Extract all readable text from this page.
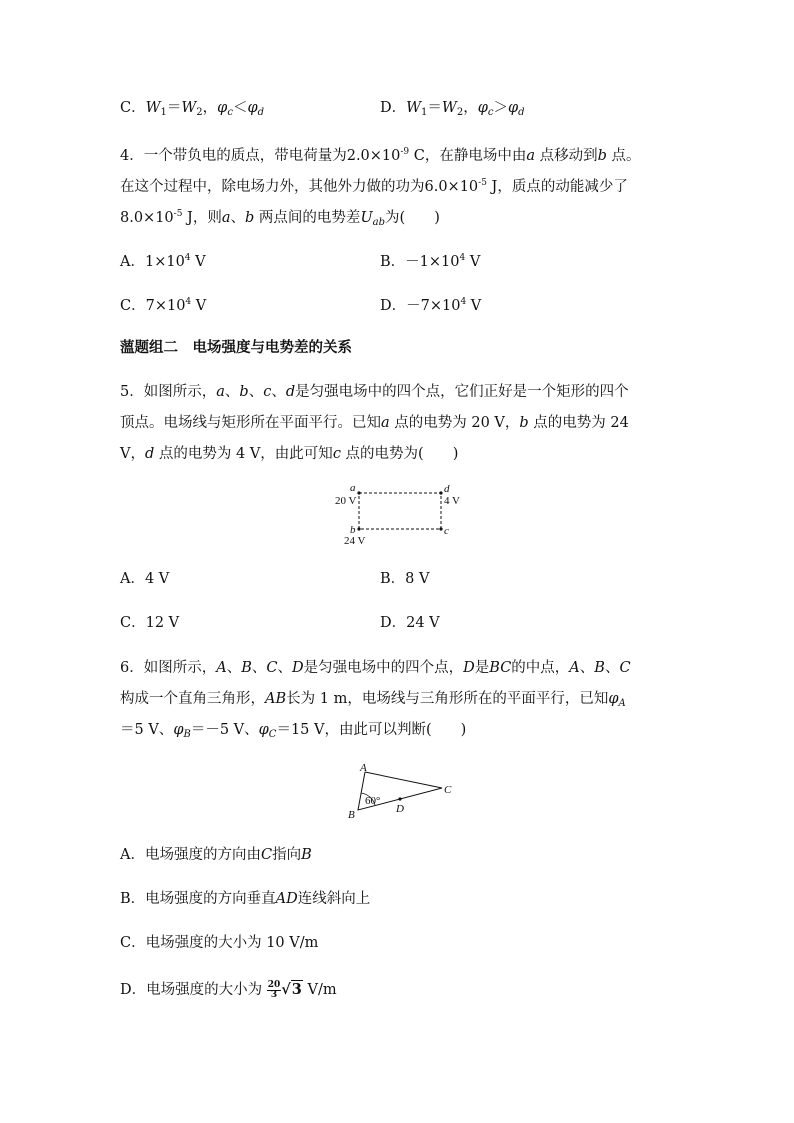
C．$W_1=W_2$，$\varphi_c<\varphi_d$	D．$W_1=W_2$，$\varphi_c>\varphi_d$
4．一个带负电的质点，带电荷量为$2.0\times 10^{-9}$ C，在静电场中由a 点移动到b 点。
在这个过程中，除电场力外，其他外力做的功为$6.0\times 10^{-5}$ J，质点的动能减少了
$8.0\times 10^{-5}$ J，则a、b 两点间的电势差$U_{ab}$为(　　)
A．$1\times 10^4$ V	B．$-1\times 10^4$ V
C．$7\times 10^4$ V	D．$-7\times 10^4$ V
薀题组二　电场强度与电势差的关系
5．如图所示，a、b、c、d是匀强电场中的四个点，它们正好是一个矩形的四个
顶点。电场线与矩形所在平面平行。已知a 点的电势为 20 V，b 点的电势为 24
V，d 点的电势为 4 V，由此可知c 点的电势为(　　)
a
20 V
d
4 V
b
24 V
c
A．4 V	B．8 V
C．12 V	D．24 V
6．如图所示，A、B、C、D是匀强电场中的四个点，D是BC的中点，A、B、C
构成一个直角三角形，AB长为 1 m，电场线与三角形所在的平面平行，已知$\varphi_A$
＝5 V、$\varphi_B=-5$ V、$\varphi_C=15$ V，由此可以判断(　　)
A
B
C
D
60°
A．电场强度的方向由C指向B
B．电场强度的方向垂直AD连线斜向上
C．电场强度的大小为 10 V/m
D．电场强度的大小为 $\frac{20}{3} √3$ V/m
